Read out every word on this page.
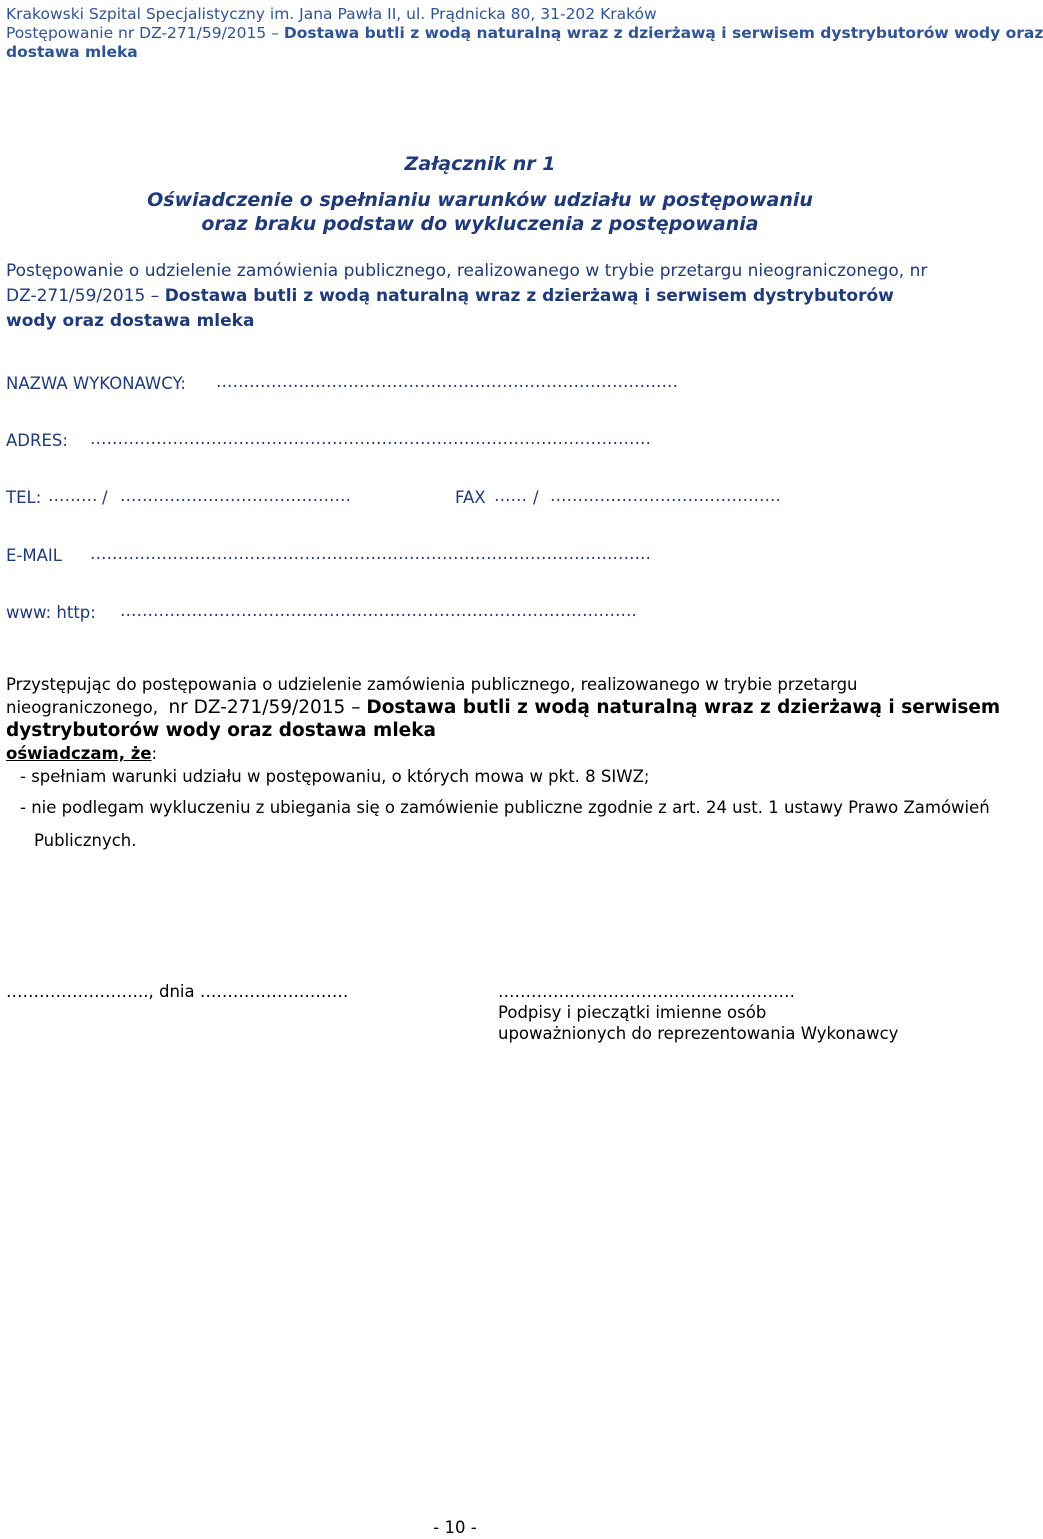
Krakowski Szpital Specjalistyczny im. Jana Pawła II, ul. Prądnicka 80, 31-202 Kraków
Postępowanie nr DZ-271/59/2015 – Dostawa butli z wodą naturalną wraz z dzierżawą i serwisem dystrybutorów wody oraz
dostawa mleka
Załącznik nr 1
Oświadczenie o spełnianiu warunków udziału w postępowaniu
oraz braku podstaw do wykluczenia z postępowania
Postępowanie o udzielenie zamówienia publicznego, realizowanego w trybie przetargu nieograniczonego, nr
DZ-271/59/2015 – Dostawa butli z wodą naturalną wraz z dzierżawą i serwisem dystrybutorów
wody oraz dostawa mleka
NAZWA WYKONAWCY: …………………………………………………………………………
ADRES: …………………………………………………………………………………………
TEL: ……… / ……………………………………	FAX …… / ……………………………………
E-MAIL …………………………………………………………………………………………
www: http: ………………………………………………………………………………….
Przystępując do postępowania o udzielenie zamówienia publicznego, realizowanego w trybie przetargu
nieograniczonego, nr DZ-271/59/2015 – Dostawa butli z wodą naturalną wraz z dzierżawą i serwisem
dystrybutorów wody oraz dostawa mleka
oświadczam, że:
- spełniam warunki udziału w postępowaniu, o których mowa w pkt. 8 SIWZ;
- nie podlegam wykluczeniu z ubiegania się o zamówienie publiczne zgodnie z art. 24 ust. 1 ustawy Prawo Zamówień
Publicznych.
…………………….., dnia ………………………	………………………………………………
Podpisy i pieczątki imienne osób
upoważnionych do reprezentowania Wykonawcy
- 10 -
